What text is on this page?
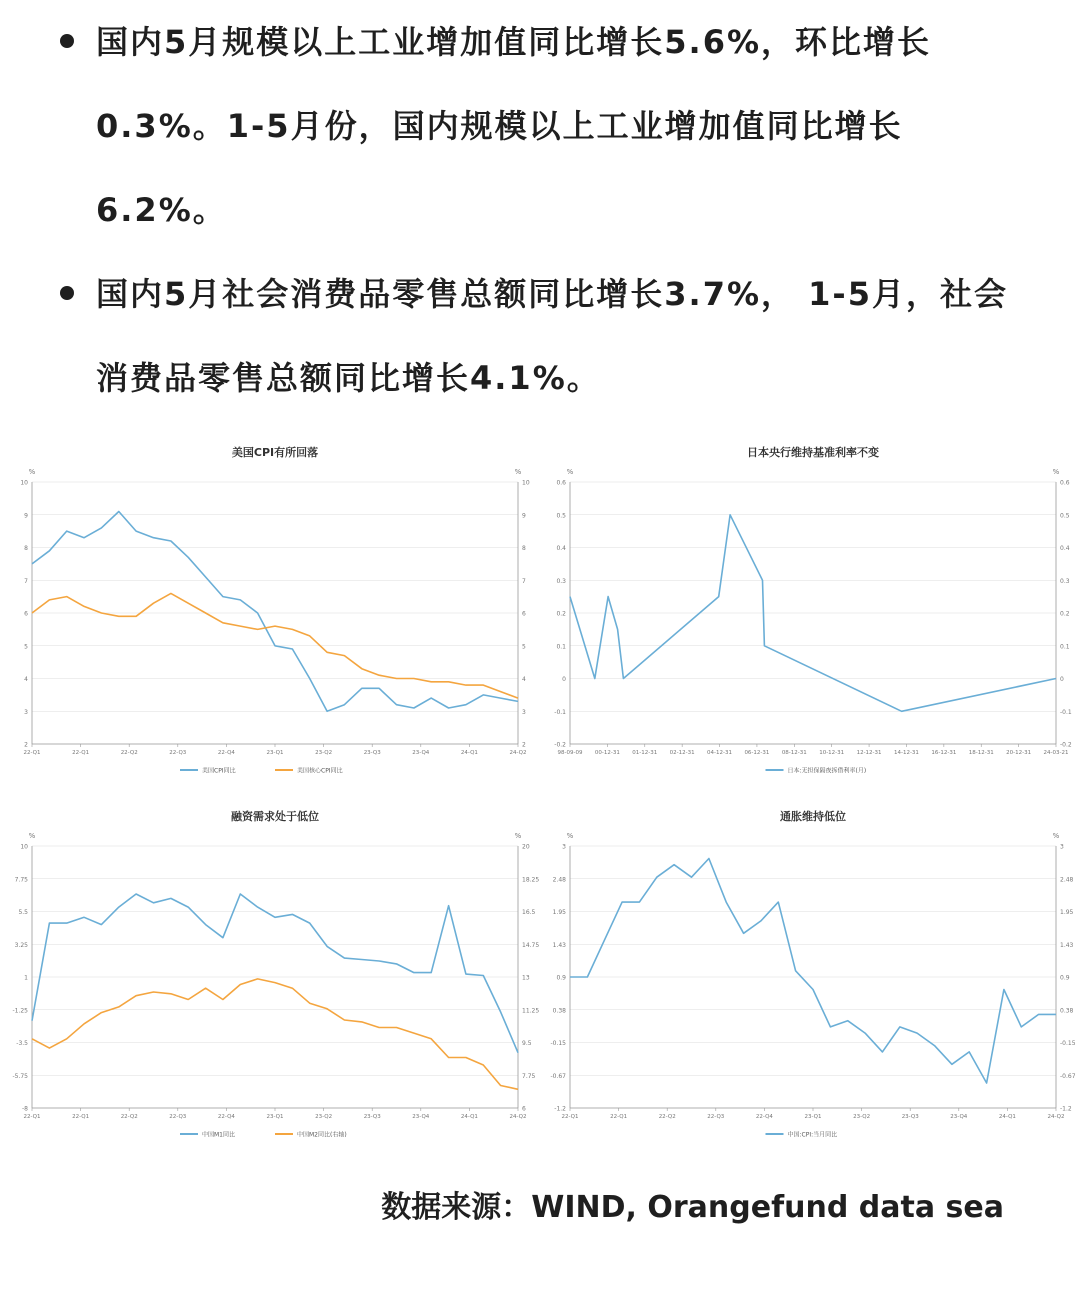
国内5月规模以上工业增加值同比增长5.6%，环比增长0.3%。1-5月份，国内规模以上工业增加值同比增长6.2%。
国内5月社会消费品零售总额同比增长3.7%， 1-5月，社会消费品零售总额同比增长4.1%。
美国CPI有所回落
%	%
2	2
3	3
4	4
5	5
6	6
7	7
8	8
9	9
10	10
22-Q1	22-Q1	22-Q2	22-Q3	22-Q4	23-Q1	23-Q2	23-Q3	23-Q4	24-Q1	24-Q2
美国CPI同比	美国核心CPI同比
日本央行维持基准利率不变
%	%
-0.2	-0.2
-0.1	-0.1
0	0
0.1	0.1
0.2	0.2
0.3	0.3
0.4	0.4
0.5	0.5
0.6	0.6
98-09-09 00-12-31 01-12-31 02-12-31 04-12-31 06-12-31 08-12-31 10-12-31 12-12-31 14-12-31 16-12-31 18-12-31 20-12-31 24-03-21
日本:无担保隔夜拆借利率(月)
融资需求处于低位
%	%
-8	6
-5.75	7.75
-3.5	9.5
-1.25	11.25
1	13
3.25	14.75
5.5	16.5
7.75	18.25
10	20
22-Q1	22-Q1	22-Q2	22-Q3	22-Q4	23-Q1	23-Q2	23-Q3	23-Q4	24-Q1	24-Q2
中国M1同比	中国M2同比(右轴)
通胀维持低位
%	%
-1.2	-1.2
-0.67	-0.67
-0.15	-0.15
0.38	0.38
0.9	0.9
1.43	1.43
1.95	1.95
2.48	2.48
3	3
22-Q1	22-Q1	22-Q2	22-Q3	22-Q4	23-Q1	23-Q2	23-Q3	23-Q4	24-Q1	24-Q2
中国:CPI:当月同比
数据来源：WIND, Orangefund data sea
